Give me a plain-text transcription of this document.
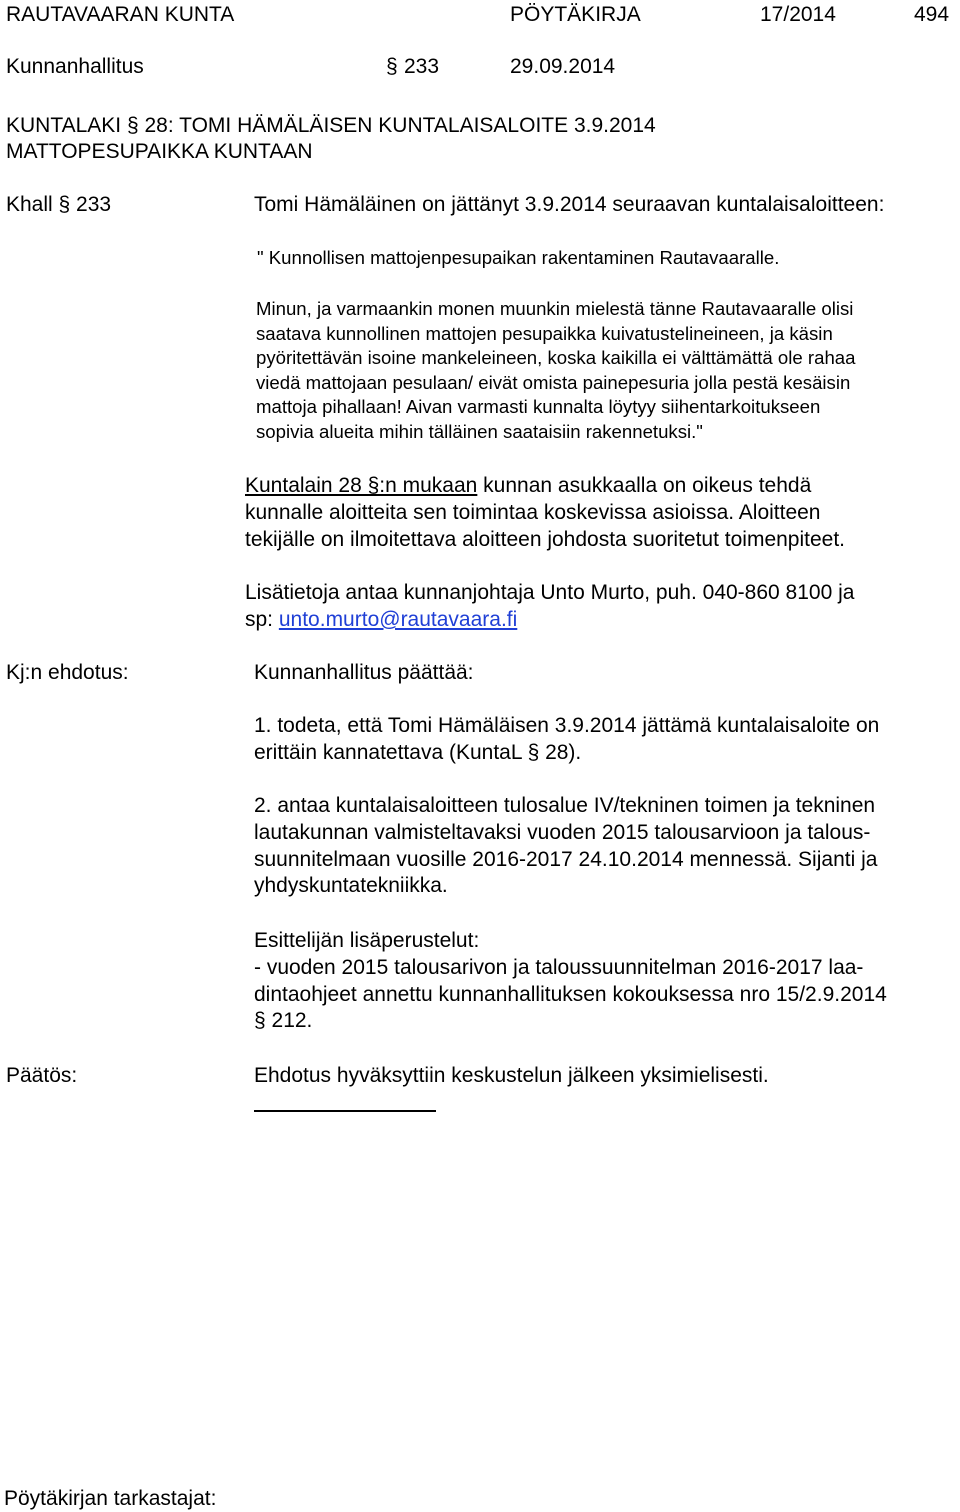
RAUTAVAARAN KUNTA	PÖYTÄKIRJA	17/2014	494
Kunnanhallitus	§ 233	29.09.2014
KUNTALAKI § 28: TOMI HÄMÄLÄISEN KUNTALAISALOITE 3.9.2014
MATTOPESUPAIKKA KUNTAAN
Khall § 233	Tomi Hämäläinen on jättänyt 3.9.2014 seuraavan kuntalaisaloitteen:
" Kunnollisen mattojenpesupaikan rakentaminen Rautavaaralle.
Minun, ja varmaankin monen muunkin mielestä tänne Rautavaaralle olisi
saatava kunnollinen mattojen pesupaikka kuivatustelineineen, ja käsin
pyöritettävän isoine mankeleineen, koska kaikilla ei välttämättä ole rahaa
viedä mattojaan pesulaan/ eivät omista painepesuria jolla pestä kesäisin
mattoja pihallaan! Aivan varmasti kunnalta löytyy siihentarkoitukseen
sopivia alueita mihin tälläinen saataisiin rakennetuksi."
Kuntalain 28 §:n mukaan kunnan asukkaalla on oikeus tehdä
kunnalle aloitteita sen toimintaa koskevissa asioissa. Aloitteen
tekijälle on ilmoitettava aloitteen johdosta suoritetut toimenpiteet.
Lisätietoja antaa kunnanjohtaja Unto Murto, puh. 040-860 8100 ja
sp: unto.murto@rautavaara.fi
Kj:n ehdotus:	Kunnanhallitus päättää:
1. todeta, että Tomi Hämäläisen 3.9.2014 jättämä kuntalaisaloite on
erittäin kannatettava (KuntaL § 28).
2. antaa kuntalaisaloitteen tulosalue IV/tekninen toimen ja tekninen
lautakunnan valmisteltavaksi vuoden 2015 talousarvioon ja talous-
suunnitelmaan vuosille 2016-2017 24.10.2014 mennessä. Sijanti ja
yhdyskuntatekniikka.
Esittelijän lisäperustelut:
- vuoden 2015 talousarivon ja taloussuunnitelman 2016-2017 laa-
dintaohjeet annettu kunnanhallituksen kokouksessa nro 15/2.9.2014
§ 212.
Päätös:	Ehdotus hyväksyttiin keskustelun jälkeen yksimielisesti.
Pöytäkirjan tarkastajat:
